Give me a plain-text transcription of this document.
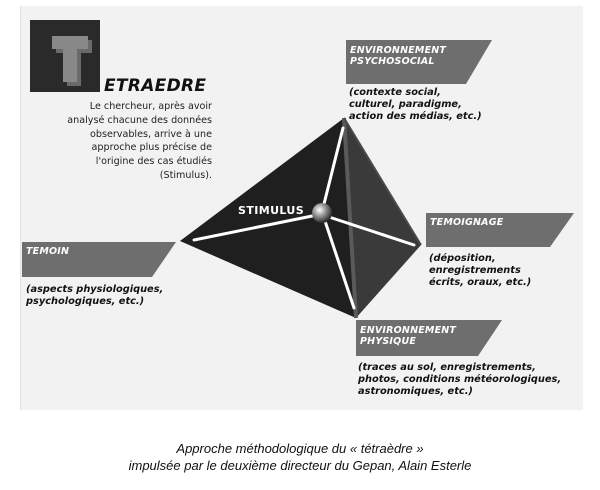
ETRAEDRE
Le chercheur, après avoir analysé chacune des données observables, arrive à une approche plus précise de l'origine des cas étudiés (Stimulus).
STIMULUS
ENVIRONNEMENT
PSYCHOSOCIAL
(contexte social,
culturel, paradigme,
action des médias, etc.)
TEMOIGNAGE
(déposition,
enregistrements
écrits, oraux, etc.)
TEMOIN
(aspects physiologiques,
psychologiques, etc.)
ENVIRONNEMENT
PHYSIQUE
(traces au sol, enregistrements,
photos, conditions météorologiques,
astronomiques, etc.)
Approche méthodologique du « tétraèdre »
impulsée par le deuxième directeur du Gepan, Alain Esterle
